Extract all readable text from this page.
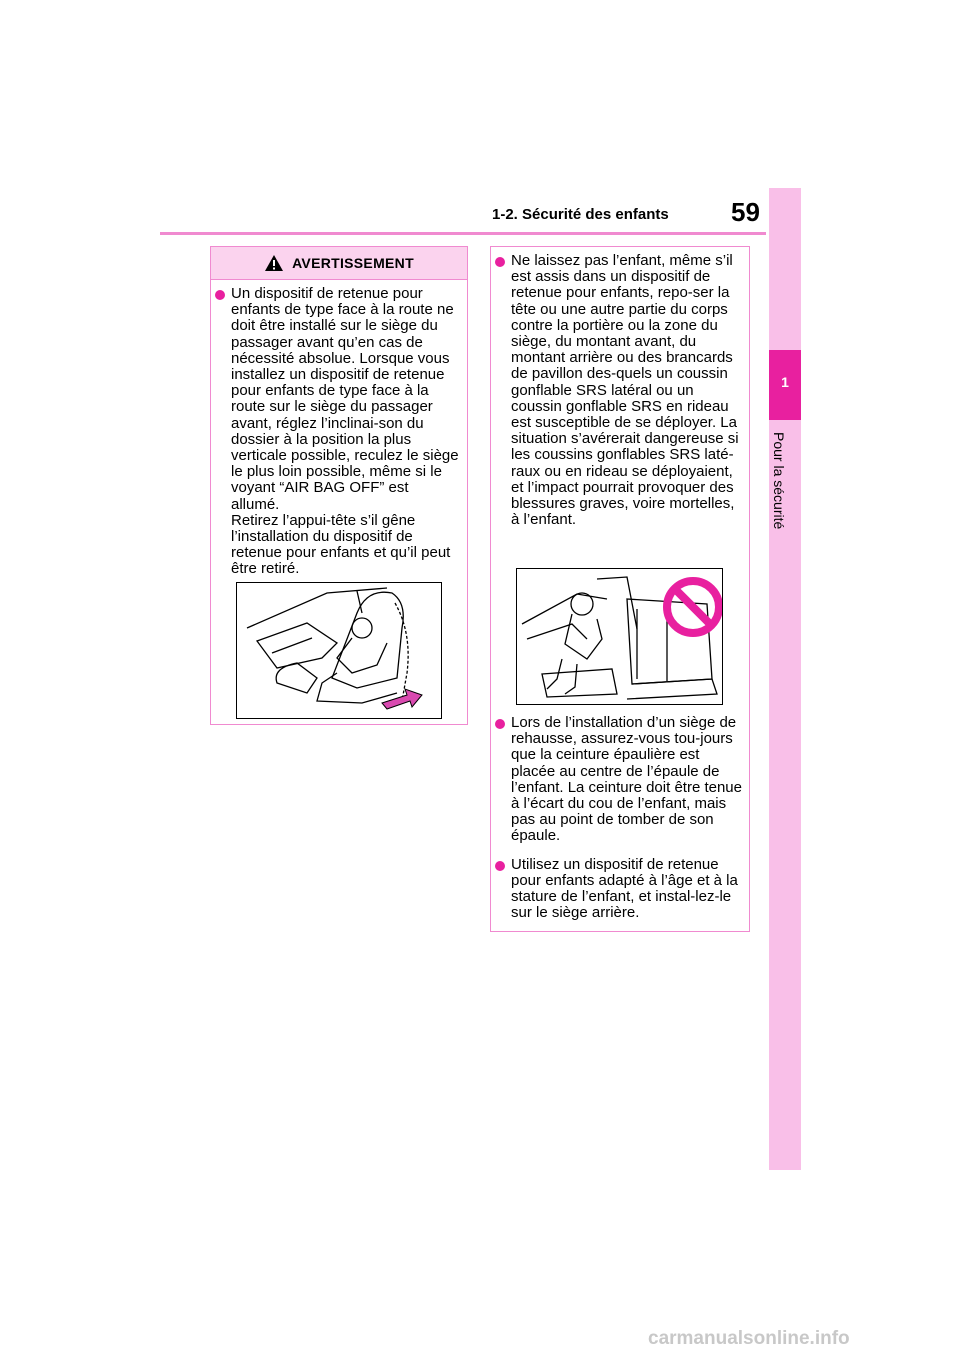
1-2. Sécurité des enfants 59
1
Pour la sécurité
AVERTISSEMENT

Un dispositif de retenue pour enfants de type face à la route ne doit être installé sur le siège du passager avant qu’en cas de nécessité absolue. Lorsque vous installez un dispositif de retenue pour enfants de type face à la route sur le siège du passager avant, réglez l’inclinai-son du dossier à la position la plus verticale possible, reculez le siège le plus loin possible, même si le voyant “AIR BAG OFF” est allumé.
Retirez l’appui-tête s’il gêne l’installation du dispositif de retenue pour enfants et qu’il peut être retiré.

Ne laissez pas l’enfant, même s’il est assis dans un dispositif de retenue pour enfants, repo-ser la tête ou une autre partie du corps contre la portière ou la zone du siège, du montant avant, du montant arrière ou des brancards de pavillon des-quels un coussin gonflable SRS latéral ou un coussin gonflable SRS en rideau est susceptible de se déployer. La situation s’avérerait dangereuse si les coussins gonflables SRS laté-raux ou en rideau se déployaient, et l’impact pourrait provoquer des blessures graves, voire mortelles, à l’enfant.

Lors de l’installation d’un siège de rehausse, assurez-vous tou-jours que la ceinture épaulière est placée au centre de l’épaule de l’enfant. La ceinture doit être tenue à l’écart du cou de l’enfant, mais pas au point de tomber de son épaule.

Utilisez un dispositif de retenue pour enfants adapté à l’âge et à la stature de l’enfant, et instal-lez-le sur le siège arrière.

carmanualsonline.info
